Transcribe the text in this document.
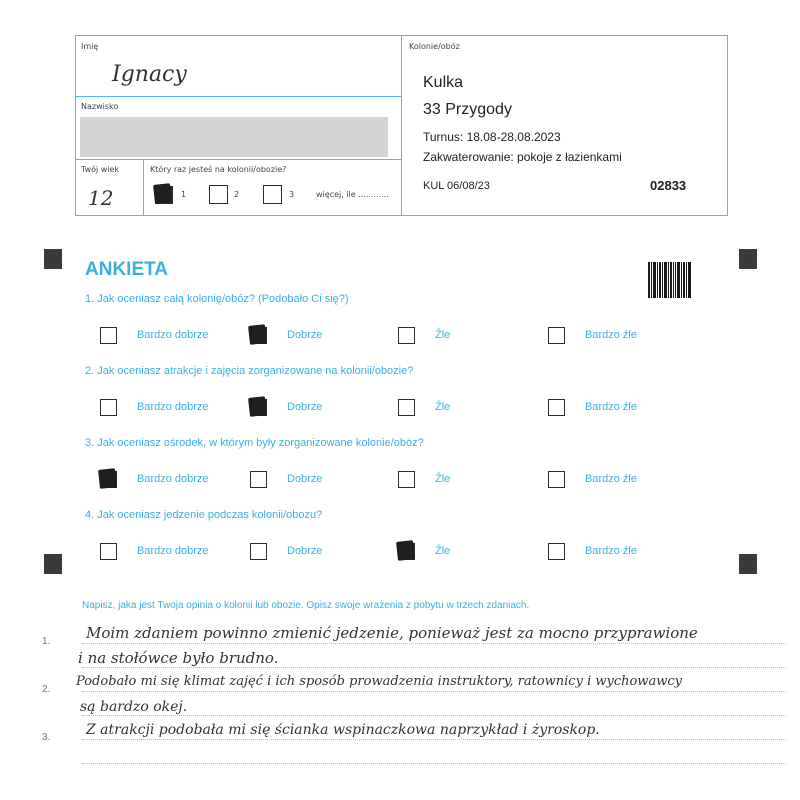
Imię
Ignacy
Nazwisko
Twój wiek
12
Który raz jesteś na kolonii/obozie?
1	2	3	więcej, ile ............
Kolonie/obóz
Kulka
33 Przygody
Turnus: 18.08-28.08.2023
Zakwaterowanie: pokoje z łazienkami
KUL 06/08/23	02833
ANKIETA
1. Jak oceniasz całą kolonię/obóz? (Podobało Ci się?)
Bardzo dobrze	Dobrze	Źle	Bardzo źle
2. Jak oceniasz atrakcje i zajęcia zorganizowane na kolonii/obozie?
Bardzo dobrze	Dobrze	Źle	Bardzo źle
3. Jak oceniasz ośrodek, w którym były zorganizowane kolonie/obóz?
Bardzo dobrze	Dobrze	Źle	Bardzo źle
4. Jak oceniasz jedzenie podczas kolonii/obozu?
Bardzo dobrze	Dobrze	Źle	Bardzo źle
Napisz, jaka jest Twoja opinia o kolonii lub obozie. Opisz swoje wrażenia z pobytu w trzech zdaniach.
1.
2.
3.
Moim zdaniem powinno zmienić jedzenie, ponieważ jest za mocno przyprawione
i na stołówce było brudno.
Podobało mi się klimat zajęć i ich sposób prowadzenia instruktory, ratownicy i wychowawcy
są bardzo okej.
Z atrakcji podobała mi się ścianka wspinaczkowa naprzykład i żyroskop.
